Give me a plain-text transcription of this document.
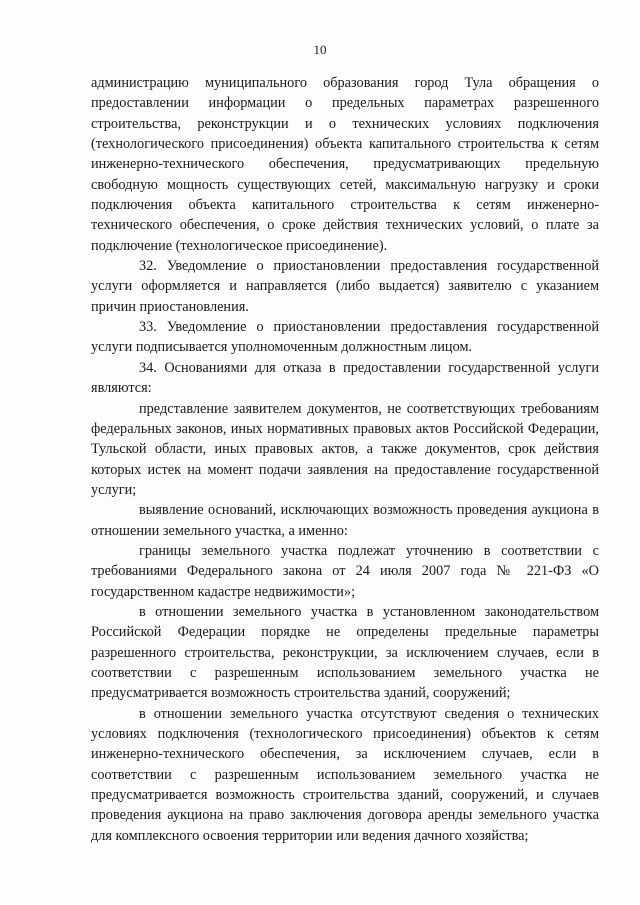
10

администрацию муниципального образования город Тула обращения о предоставлении информации о предельных параметрах разрешенного строительства, реконструкции и о технических условиях подключения (технологического присоединения) объекта капитального строительства к сетям инженерно-технического обеспечения, предусматривающих предельную свободную мощность существующих сетей, максимальную нагрузку и сроки подключения объекта капитального строительства к сетям инженерно-технического обеспечения, о сроке действия технических условий, о плате за подключение (технологическое присоединение).

32. Уведомление о приостановлении предоставления государственной услуги оформляется и направляется (либо выдается) заявителю с указанием причин приостановления.

33. Уведомление о приостановлении предоставления государственной услуги подписывается уполномоченным должностным лицом.

34. Основаниями для отказа в предоставлении государственной услуги являются:

представление заявителем документов, не соответствующих требованиям федеральных законов, иных нормативных правовых актов Российской Федерации, Тульской области, иных правовых актов, а также документов, срок действия которых истек на момент подачи заявления на предоставление государственной услуги;

выявление оснований, исключающих возможность проведения аукциона в отношении земельного участка, а именно:

границы земельного участка подлежат уточнению в соответствии с требованиями Федерального закона от 24 июля 2007 года № 221-ФЗ «О государственном кадастре недвижимости»;

в отношении земельного участка в установленном законодательством Российской Федерации порядке не определены предельные параметры разрешенного строительства, реконструкции, за исключением случаев, если в соответствии с разрешенным использованием земельного участка не предусматривается возможность строительства зданий, сооружений;

в отношении земельного участка отсутствуют сведения о технических условиях подключения (технологического присоединения) объектов к сетям инженерно-технического обеспечения, за исключением случаев, если в соответствии с разрешенным использованием земельного участка не предусматривается возможность строительства зданий, сооружений, и случаев проведения аукциона на право заключения договора аренды земельного участка для комплексного освоения территории или ведения дачного хозяйства;
